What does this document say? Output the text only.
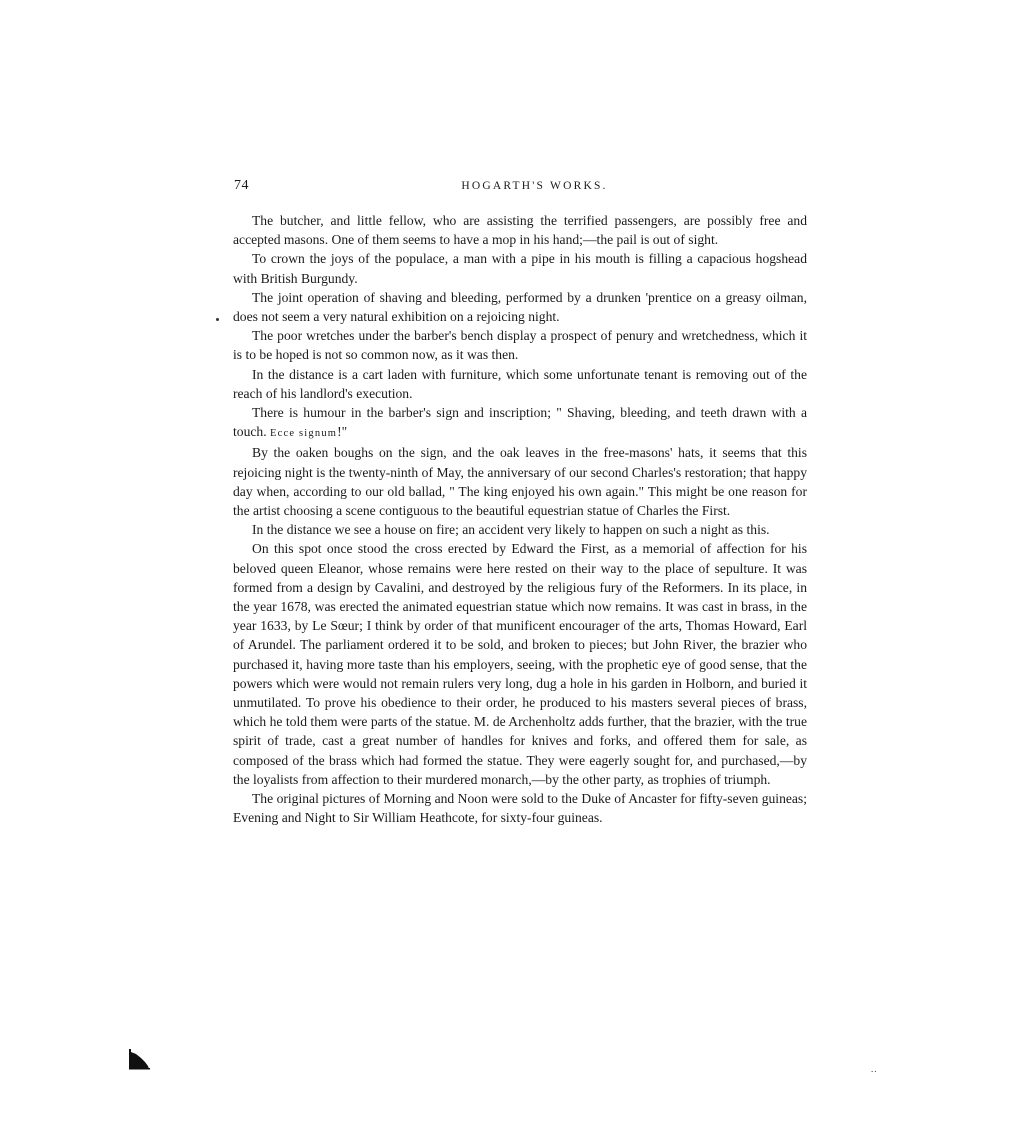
74	HOGARTH'S WORKS.

The butcher, and little fellow, who are assisting the terrified passengers, are possibly free and accepted masons. One of them seems to have a mop in his hand;—the pail is out of sight.

To crown the joys of the populace, a man with a pipe in his mouth is filling a capacious hogshead with British Burgundy.

The joint operation of shaving and bleeding, performed by a drunken 'prentice on a greasy oilman, does not seem a very natural exhibition on a rejoicing night.

The poor wretches under the barber's bench display a prospect of penury and wretchedness, which it is to be hoped is not so common now, as it was then.

In the distance is a cart laden with furniture, which some unfortunate tenant is removing out of the reach of his landlord's execution.

There is humour in the barber's sign and inscription; " Shaving, bleeding, and teeth drawn with a touch. Ecce signum!"

By the oaken boughs on the sign, and the oak leaves in the free-masons' hats, it seems that this rejoicing night is the twenty-ninth of May, the anniversary of our second Charles's restoration; that happy day when, according to our old ballad, " The king enjoyed his own again." This might be one reason for the artist choosing a scene contiguous to the beautiful equestrian statue of Charles the First.

In the distance we see a house on fire; an accident very likely to happen on such a night as this.

On this spot once stood the cross erected by Edward the First, as a memorial of affection for his beloved queen Eleanor, whose remains were here rested on their way to the place of sepulture. It was formed from a design by Cavalini, and destroyed by the religious fury of the Reformers. In its place, in the year 1678, was erected the animated equestrian statue which now remains. It was cast in brass, in the year 1633, by Le Sœur; I think by order of that munificent encourager of the arts, Thomas Howard, Earl of Arundel. The parliament ordered it to be sold, and broken to pieces; but John River, the brazier who purchased it, having more taste than his employers, seeing, with the prophetic eye of good sense, that the powers which were would not remain rulers very long, dug a hole in his garden in Holborn, and buried it unmutilated. To prove his obedience to their order, he produced to his masters several pieces of brass, which he told them were parts of the statue. M. de Archenholtz adds further, that the brazier, with the true spirit of trade, cast a great number of handles for knives and forks, and offered them for sale, as composed of the brass which had formed the statue. They were eagerly sought for, and purchased,—by the loyalists from affection to their murdered monarch,—by the other party, as trophies of triumph.

The original pictures of Morning and Noon were sold to the Duke of Ancaster for fifty-seven guineas; Evening and Night to Sir William Heathcote, for sixty-four guineas.

..
